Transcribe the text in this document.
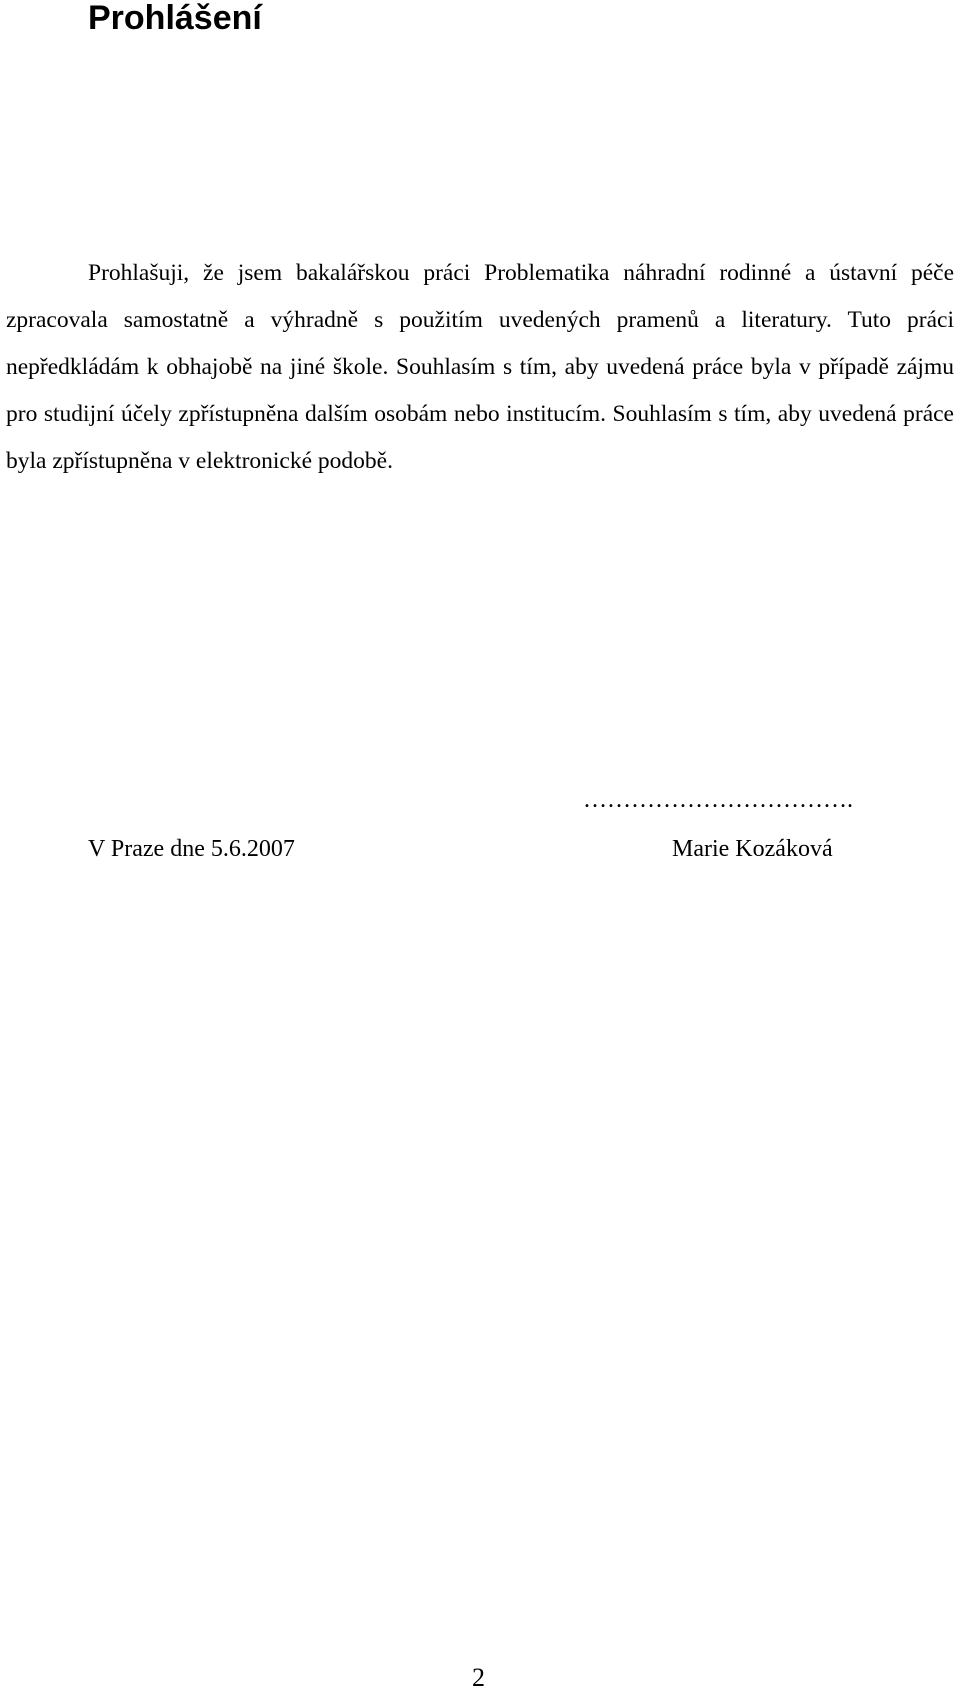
Prohlášení

Prohlašuji, že jsem bakalářskou práci Problematika náhradní rodinné a ústavní péče zpracovala samostatně a výhradně s použitím uvedených pramenů a literatury. Tuto práci nepředkládám k obhajobě na jiné škole. Souhlasím s tím, aby uvedená práce byla v případě zájmu pro studijní účely zpřístupněna dalším osobám nebo institucím. Souhlasím s tím, aby uvedená práce byla zpřístupněna v elektronické podobě.

V Praze dne 5.6.2007
…………………………….
Marie Kozáková
2
